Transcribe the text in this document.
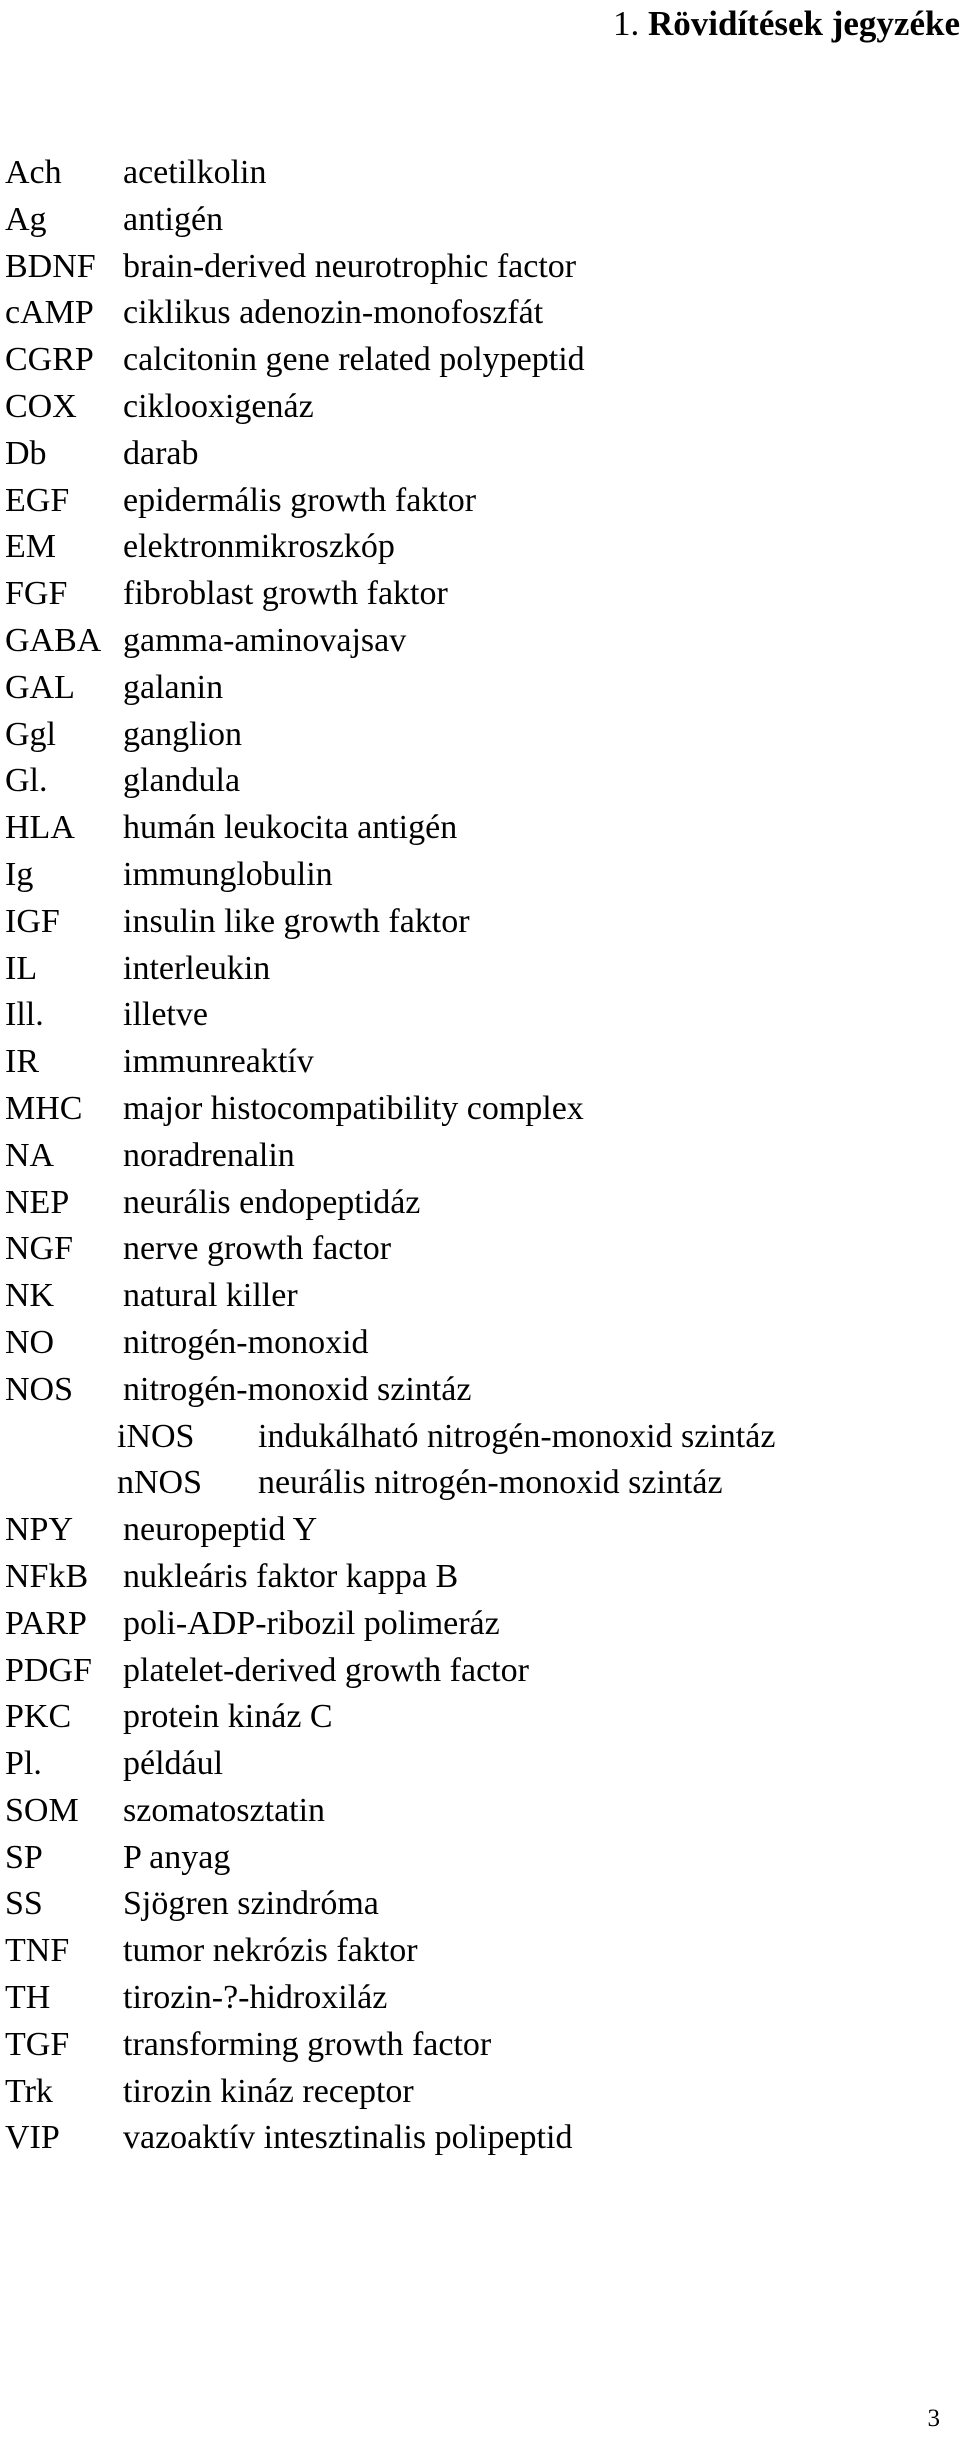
1. Rövidítések jegyzéke
Ach acetilkolin
Ag antigén
BDNF brain-derived neurotrophic factor
cAMP ciklikus adenozin-monofoszfát
CGRP calcitonin gene related polypeptid
COX ciklooxigenáz
Db darab
EGF epidermális growth faktor
EM elektronmikroszkóp
FGF fibroblast growth faktor
GABA gamma-aminovajsav
GAL galanin
Ggl ganglion
Gl. glandula
HLA humán leukocita antigén
Ig	immunglobulin
IGF insulin like growth faktor
IL	interleukin
Ill. illetve
IR immunreaktív
MHC major histocompatibility complex
NA noradrenalin
NEP neurális endopeptidáz
NGF nerve growth factor
NK natural killer
NO nitrogén-monoxid
NOS nitrogén-monoxid szintáz
iNOS indukálható nitrogén-monoxid szintáz
nNOS neurális nitrogén-monoxid szintáz
NPY neuropeptid Y
NFkB nukleáris faktor kappa B
PARP poli-ADP-ribozil polimeráz
PDGF platelet-derived growth factor
PKC protein kináz C
Pl. például
SOM szomatosztatin
SP P anyag
SS Sjögren szindróma
TNF tumor nekrózis faktor
TH tirozin-?-hidroxiláz
TGF transforming growth factor
Trk tirozin kináz receptor
VIP vazoaktív intesztinalis polipeptid
3
